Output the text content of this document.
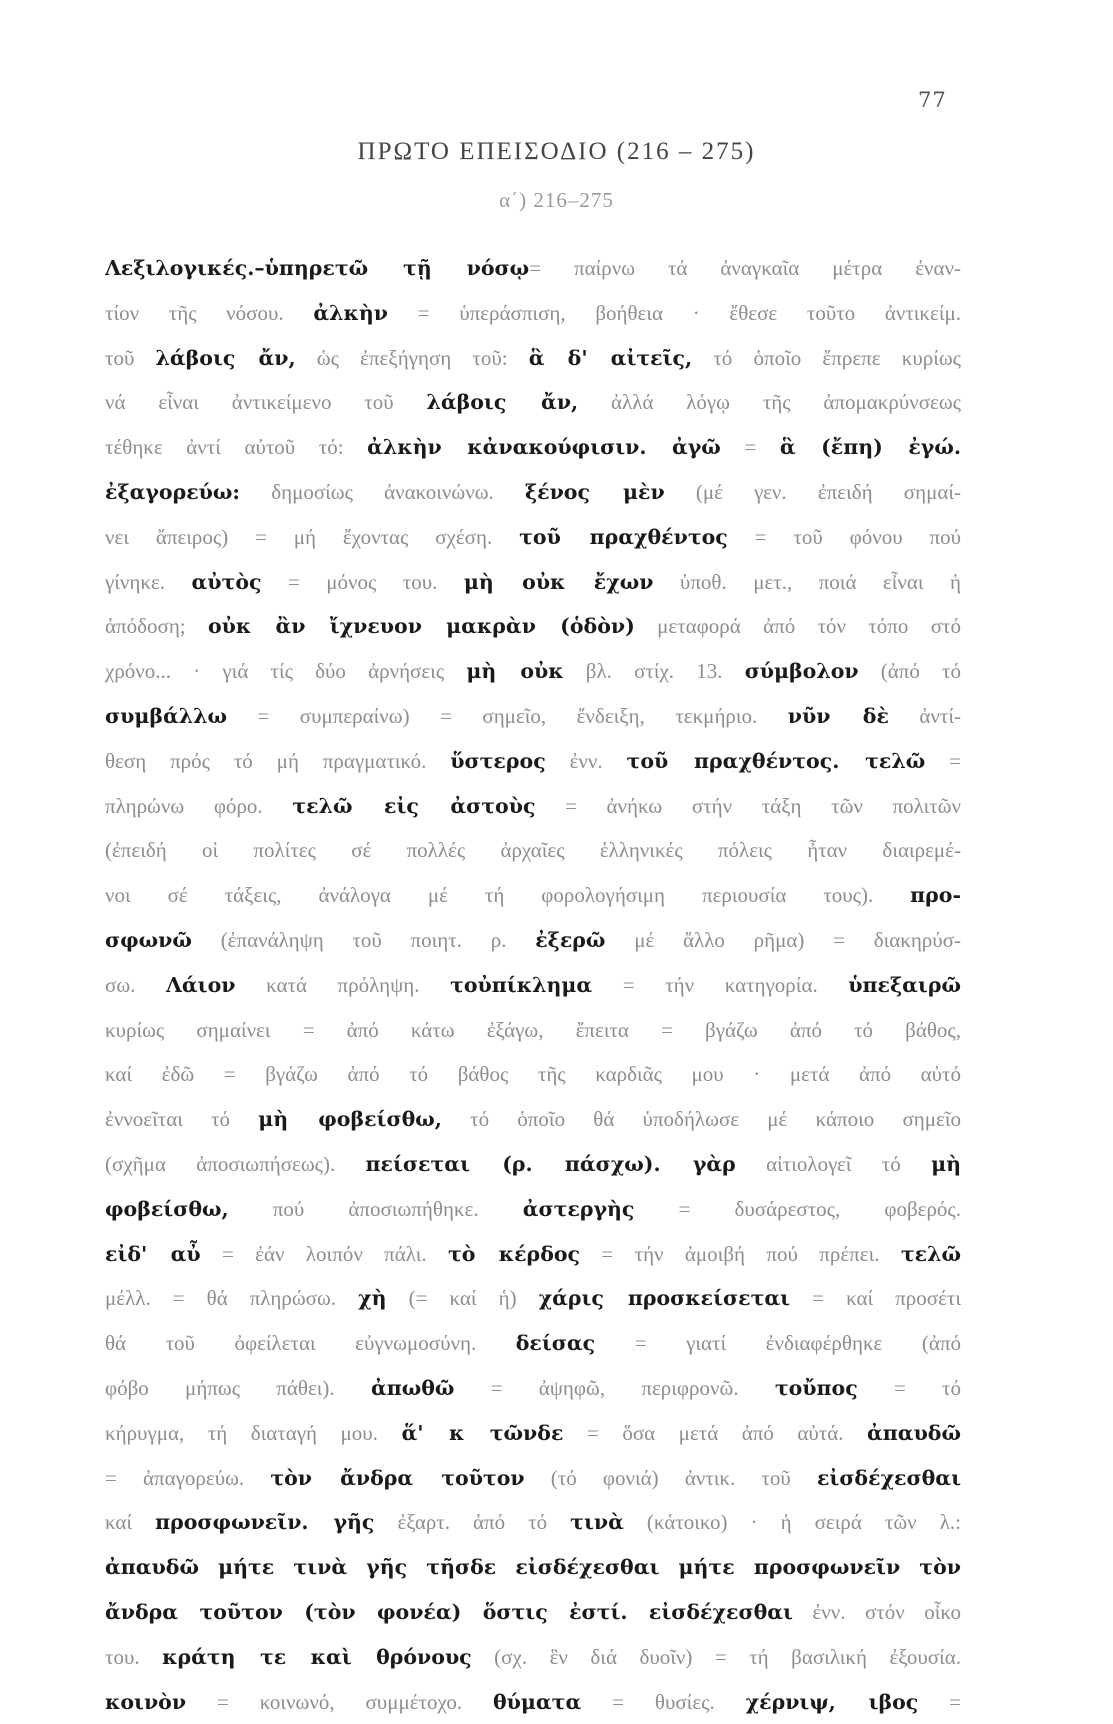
77
ΠΡΩΤΟ ΕΠΕΙΣΟΔΙΟ (216 – 275)
α΄) 216–275
Λεξιλογικές.–ὑπηρετῶ τῇ νόσῳ= παίρνω τά ἀναγκαῖα μέτρα ἐναν-
τίον τῆς νόσου. ἀλκὴν = ὑπεράσπιση, βοήθεια · ἔθεσε τοῦτο ἀντικείμ.
τοῦ λάβοις ἄν, ὡς ἐπεξήγηση τοῦ: ἃ δ' αἰτεῖς, τό ὁποῖο ἔπρεπε κυρίως
νά εἶναι ἀντικείμενο τοῦ λάβοις ἄν, ἀλλά λόγῳ τῆς ἀπομακρύνσεως
τέθηκε ἀντί αὐτοῦ τό: ἀλκὴν κἀνακούφισιν. ἀγῶ = ἃ (ἔπη) ἐγώ.
ἐξαγορεύω: δημοσίως ἀνακοινώνω. ξένος μὲν (μέ γεν. ἐπειδή σημαί-
νει ἄπειρος) = μή ἔχοντας σχέση. τοῦ πραχθέντος = τοῦ φόνου πού
γίνηκε. αὐτὸς = μόνος του. μὴ οὐκ ἔχων ὑποθ. μετ., ποιά εἶναι ἡ
ἀπόδοση; οὐκ ἂν ἴχνευον μακρὰν (ὁδὸν) μεταφορά ἀπό τόν τόπο στό
χρόνο... · γιά τίς δύο ἀρνήσεις μὴ οὐκ βλ. στίχ. 13. σύμβολον (ἀπό τό
συμβάλλω = συμπεραίνω) = σημεῖο, ἔνδειξη, τεκμήριο. νῦν δὲ ἀντί-
θεση πρός τό μή πραγματικό. ὕστερος ἐνν. τοῦ πραχθέντος. τελῶ =
πληρώνω φόρο. τελῶ εἰς ἀστοὺς = ἀνήκω στήν τάξη τῶν πολιτῶν
(ἐπειδή οἱ πολίτες σέ πολλές ἀρχαῖες ἑλληνικές πόλεις ἦταν διαιρεμέ-
νοι σέ τάξεις, ἀνάλογα μέ τή φορολογήσιμη περιουσία τους). προ-
σφωνῶ (ἐπανάληψη τοῦ ποιητ. ρ. ἐξερῶ μέ ἄλλο ρῆμα) = διακηρύσ-
σω. Λάιον κατά πρόληψη. τοὐπίκλημα = τήν κατηγορία. ὑπεξαιρῶ
κυρίως σημαίνει = ἀπό κάτω ἐξάγω, ἔπειτα = βγάζω ἀπό τό βάθος,
καί ἐδῶ = βγάζω ἀπό τό βάθος τῆς καρδιᾶς μου · μετά ἀπό αὐτό
ἐννοεῖται τό μὴ φοβείσθω, τό ὁποῖο θά ὑποδήλωσε μέ κάποιο σημεῖο
(σχῆμα ἀποσιωπήσεως). πείσεται (ρ. πάσχω). γὰρ αἰτιολογεῖ τό μὴ
φοβείσθω, πού ἀποσιωπήθηκε. ἀστεργὴς = δυσάρεστος, φοβερός.
εἰδ' αὖ = ἐάν λοιπόν πάλι. τὸ κέρδος = τήν ἀμοιβή πού πρέπει. τελῶ
μέλλ. = θά πληρώσω. χὴ (= καί ἡ) χάρις προσκείσεται = καί προσέτι
θά τοῦ ὀφείλεται εὐγνωμοσύνη. δείσας = γιατί ἐνδιαφέρθηκε (ἀπό
φόβο μήπως πάθει). ἀπωθῶ = ἀψηφῶ, περιφρονῶ. τοὔπος = τό
κήρυγμα, τή διαταγή μου. ἅ' κ τῶνδε = ὅσα μετά ἀπό αὐτά. ἀπαυδῶ
= ἀπαγορεύω. τὸν ἄνδρα τοῦτον (τό φονιά) ἀντικ. τοῦ εἰσδέχεσθαι
καί προσφωνεῖν. γῆς ἐξαρτ. ἀπό τό τινὰ (κάτοικο) · ἡ σειρά τῶν λ.:
ἀπαυδῶ μήτε τινὰ γῆς τῆσδε εἰσδέχεσθαι μήτε προσφωνεῖν τὸν
ἄνδρα τοῦτον (τὸν φονέα) ὅστις ἐστί. εἰσδέχεσθαι ἐνν. στόν οἶκο
του. κράτη τε καὶ θρόνους (σχ. ἓν διά δυοῖν) = τή βασιλική ἐξουσία.
κοινὸν = κοινωνό, συμμέτοχο. θύματα = θυσίες. χέρνιψ, ιβος =
